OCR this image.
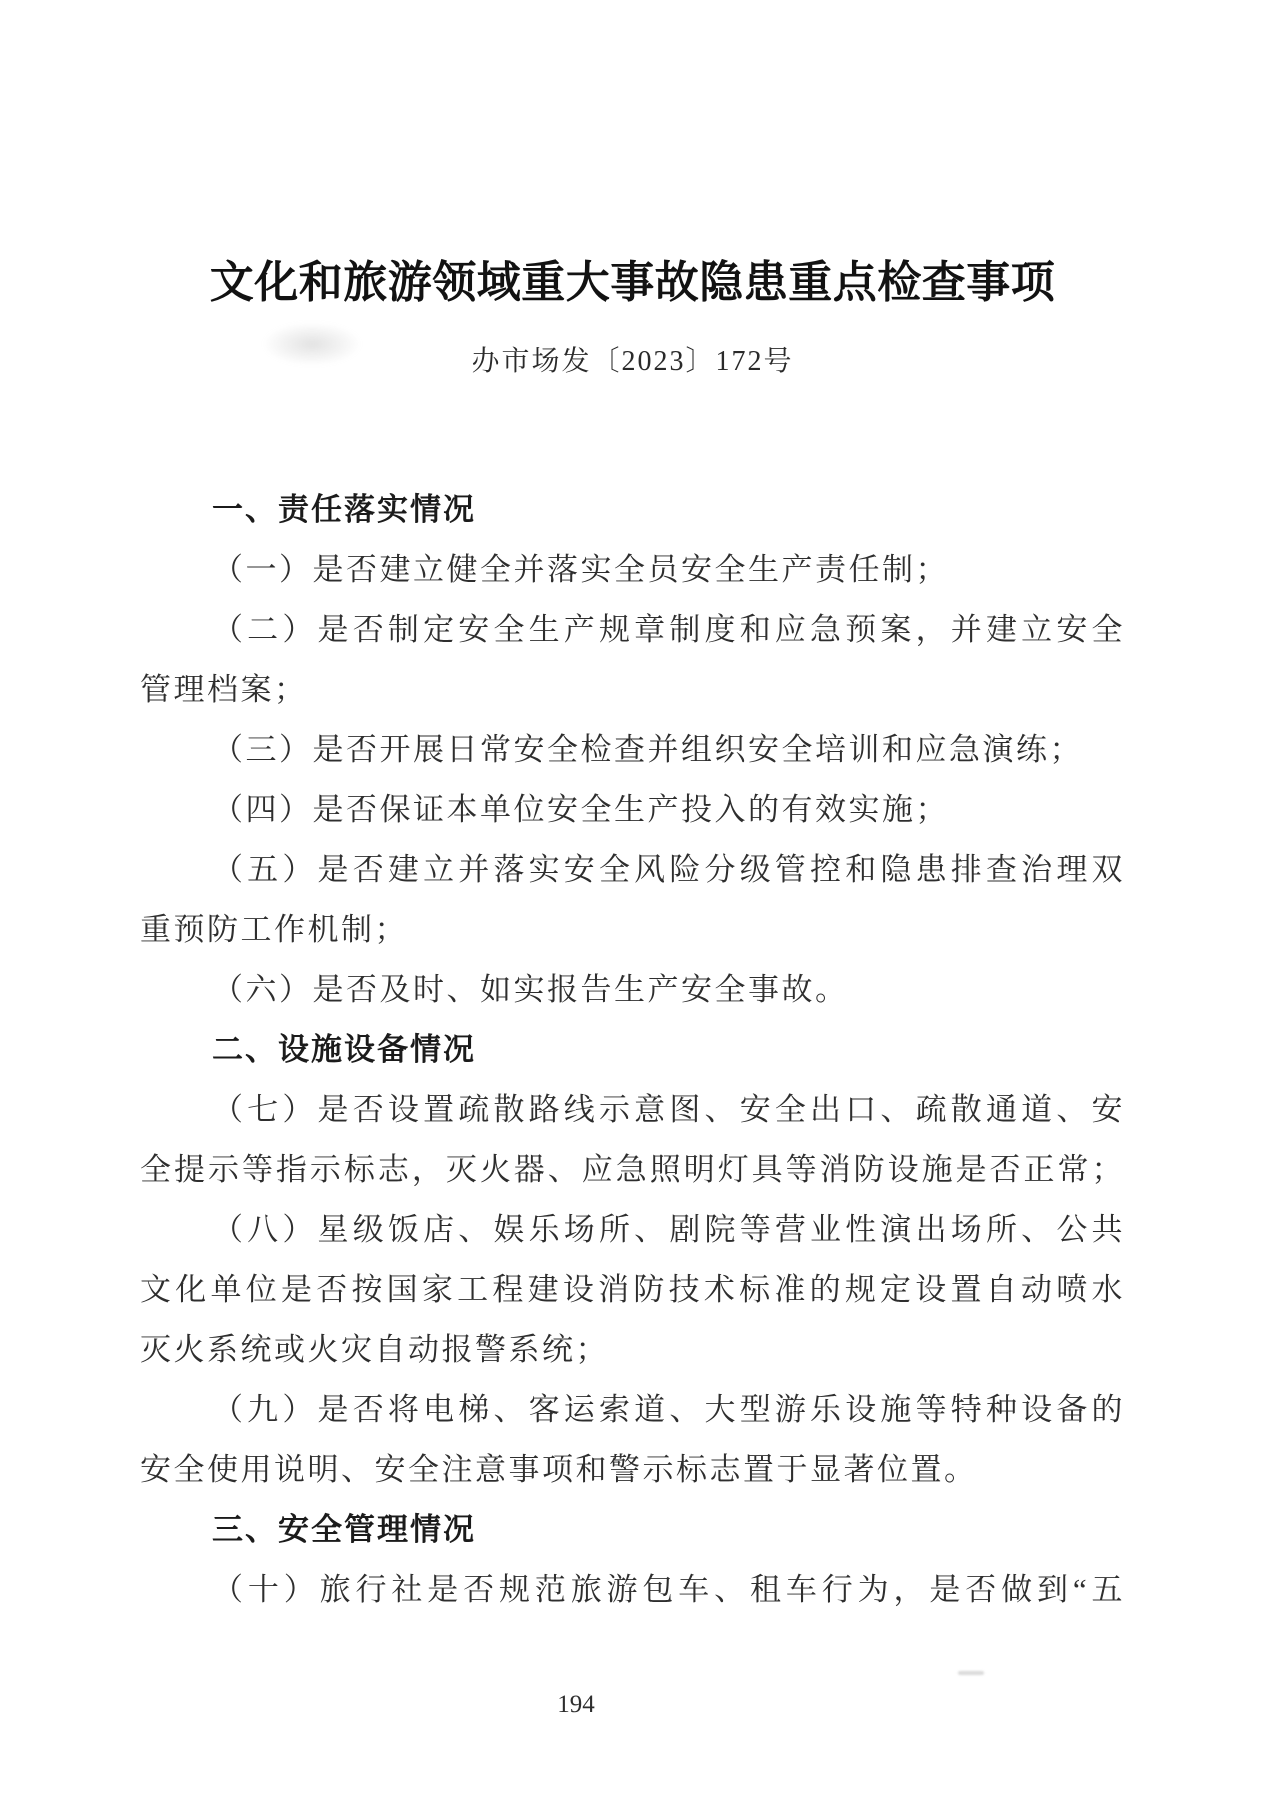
文化和旅游领域重大事故隐患重点检查事项
办市场发〔2023〕172号
一、责任落实情况
（一）是否建立健全并落实全员安全生产责任制；
（二）是否制定安全生产规章制度和应急预案，并建立安全
管理档案；
（三）是否开展日常安全检查并组织安全培训和应急演练；
（四）是否保证本单位安全生产投入的有效实施；
（五）是否建立并落实安全风险分级管控和隐患排查治理双
重预防工作机制；
（六）是否及时、如实报告生产安全事故。
二、设施设备情况
（七）是否设置疏散路线示意图、安全出口、疏散通道、安
全提示等指示标志，灭火器、应急照明灯具等消防设施是否正常；
（八）星级饭店、娱乐场所、剧院等营业性演出场所、公共
文化单位是否按国家工程建设消防技术标准的规定设置自动喷水
灭火系统或火灾自动报警系统；
（九）是否将电梯、客运索道、大型游乐设施等特种设备的
安全使用说明、安全注意事项和警示标志置于显著位置。
三、安全管理情况
（十）旅行社是否规范旅游包车、租车行为，是否做到“五
194
